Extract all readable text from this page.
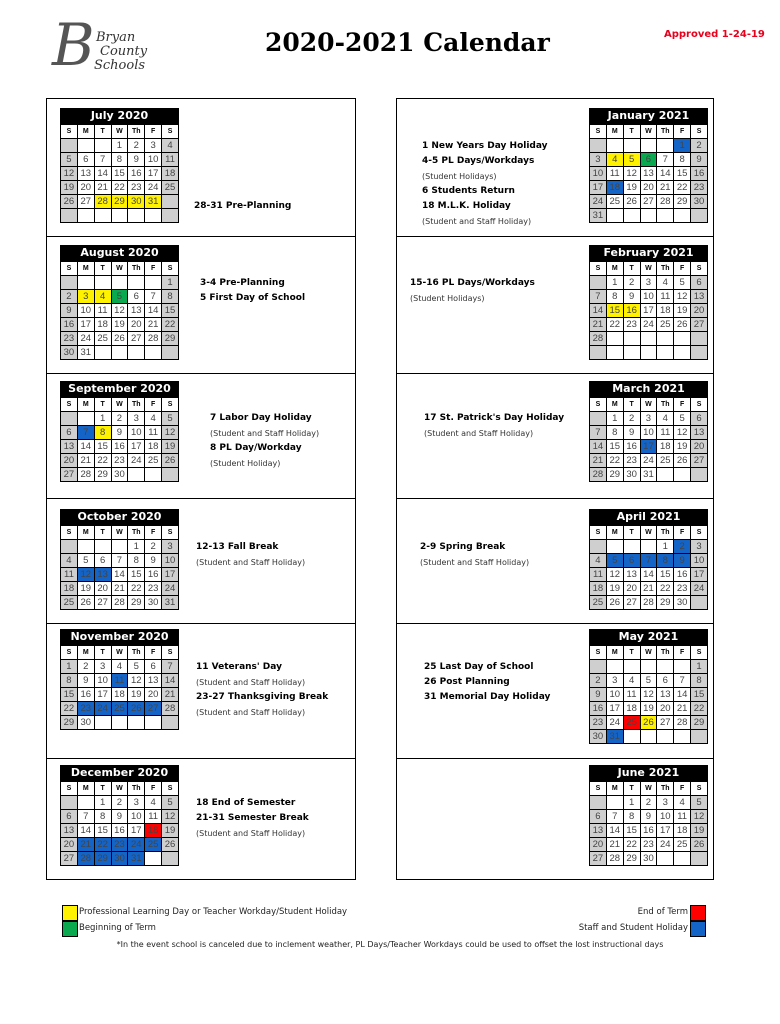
B Bryan
County
Schools
2020-2021 Calendar	Approved 1-24-19
July 2020
S	M	T	W	Th	F	S
			1	2	3	4
5	6	7	8	9	10	11
12	13	14	15	16	17	18
19	20	21	22	23	24	25
26	27	28	29	30	31	

August 2020
S	M	T	W	Th	F	S
						1
2	3	4	5	6	7	8
9	10	11	12	13	14	15
16	17	18	19	20	21	22
23	24	25	26	27	28	29
30	31					
September 2020
S	M	T	W	Th	F	S
		1	2	3	4	5
6	7	8	9	10	11	12
13	14	15	16	17	18	19
20	21	22	23	24	25	26
27	28	29	30			
October 2020
S	M	T	W	Th	F	S
				1	2	3
4	5	6	7	8	9	10
11	12	13	14	15	16	17
18	19	20	21	22	23	24
25	26	27	28	29	30	31
November 2020
S	M	T	W	Th	F	S
1	2	3	4	5	6	7
8	9	10	11	12	13	14
15	16	17	18	19	20	21
22	23	24	25	26	27	28
29	30					
December 2020
S	M	T	W	Th	F	S
		1	2	3	4	5
6	7	8	9	10	11	12
13	14	15	16	17	18	19
20	21	22	23	24	25	26
27	28	29	30	31		
January 2021
S	M	T	W	Th	F	S
					1	2
3	4	5	6	7	8	9
10	11	12	13	14	15	16
17	18	19	20	21	22	23
24	25	26	27	28	29	30
31						
February 2021
S	M	T	W	Th	F	S
	1	2	3	4	5	6
7	8	9	10	11	12	13
14	15	16	17	18	19	20
21	22	23	24	25	26	27
28						

March 2021
S	M	T	W	Th	F	S
	1	2	3	4	5	6
7	8	9	10	11	12	13
14	15	16	17	18	19	20
21	22	23	24	25	26	27
28	29	30	31			
April 2021
S	M	T	W	Th	F	S
				1	2	3
4	5	6	7	8	9	10
11	12	13	14	15	16	17
18	19	20	21	22	23	24
25	26	27	28	29	30	
May 2021
S	M	T	W	Th	F	S
						1
2	3	4	5	6	7	8
9	10	11	12	13	14	15
16	17	18	19	20	21	22
23	24	25	26	27	28	29
30	31					
June 2021
S	M	T	W	Th	F	S
		1	2	3	4	5
6	7	8	9	10	11	12
13	14	15	16	17	18	19
20	21	22	23	24	25	26
27	28	29	30			
28-31 Pre-Planning
3-4 Pre-Planning
5 First Day of School
7 Labor Day Holiday
(Student and Staff Holiday)
8 PL Day/Workday
(Student Holiday)
12-13 Fall Break
(Student and Staff Holiday)
11 Veterans' Day
(Student and Staff Holiday)
23-27 Thanksgiving Break
(Student and Staff Holiday)
18 End of Semester
21-31 Semester Break
(Student and Staff Holiday)
1 New Years Day Holiday
4-5 PL Days/Workdays
(Student Holidays)
6 Students Return
18 M.L.K. Holiday
(Student and Staff Holiday)
15-16 PL Days/Workdays
(Student Holidays)
17 St. Patrick's Day Holiday
(Student and Staff Holiday)
2-9 Spring Break
(Student and Staff Holiday)
25 Last Day of School
26 Post Planning
31 Memorial Day Holiday
Professional Learning Day or Teacher Workday/Student Holiday
Beginning of Term
End of Term
Staff and Student Holiday
*In the event school is canceled due to inclement weather, PL Days/Teacher Workdays could be used to offset the lost instructional days
